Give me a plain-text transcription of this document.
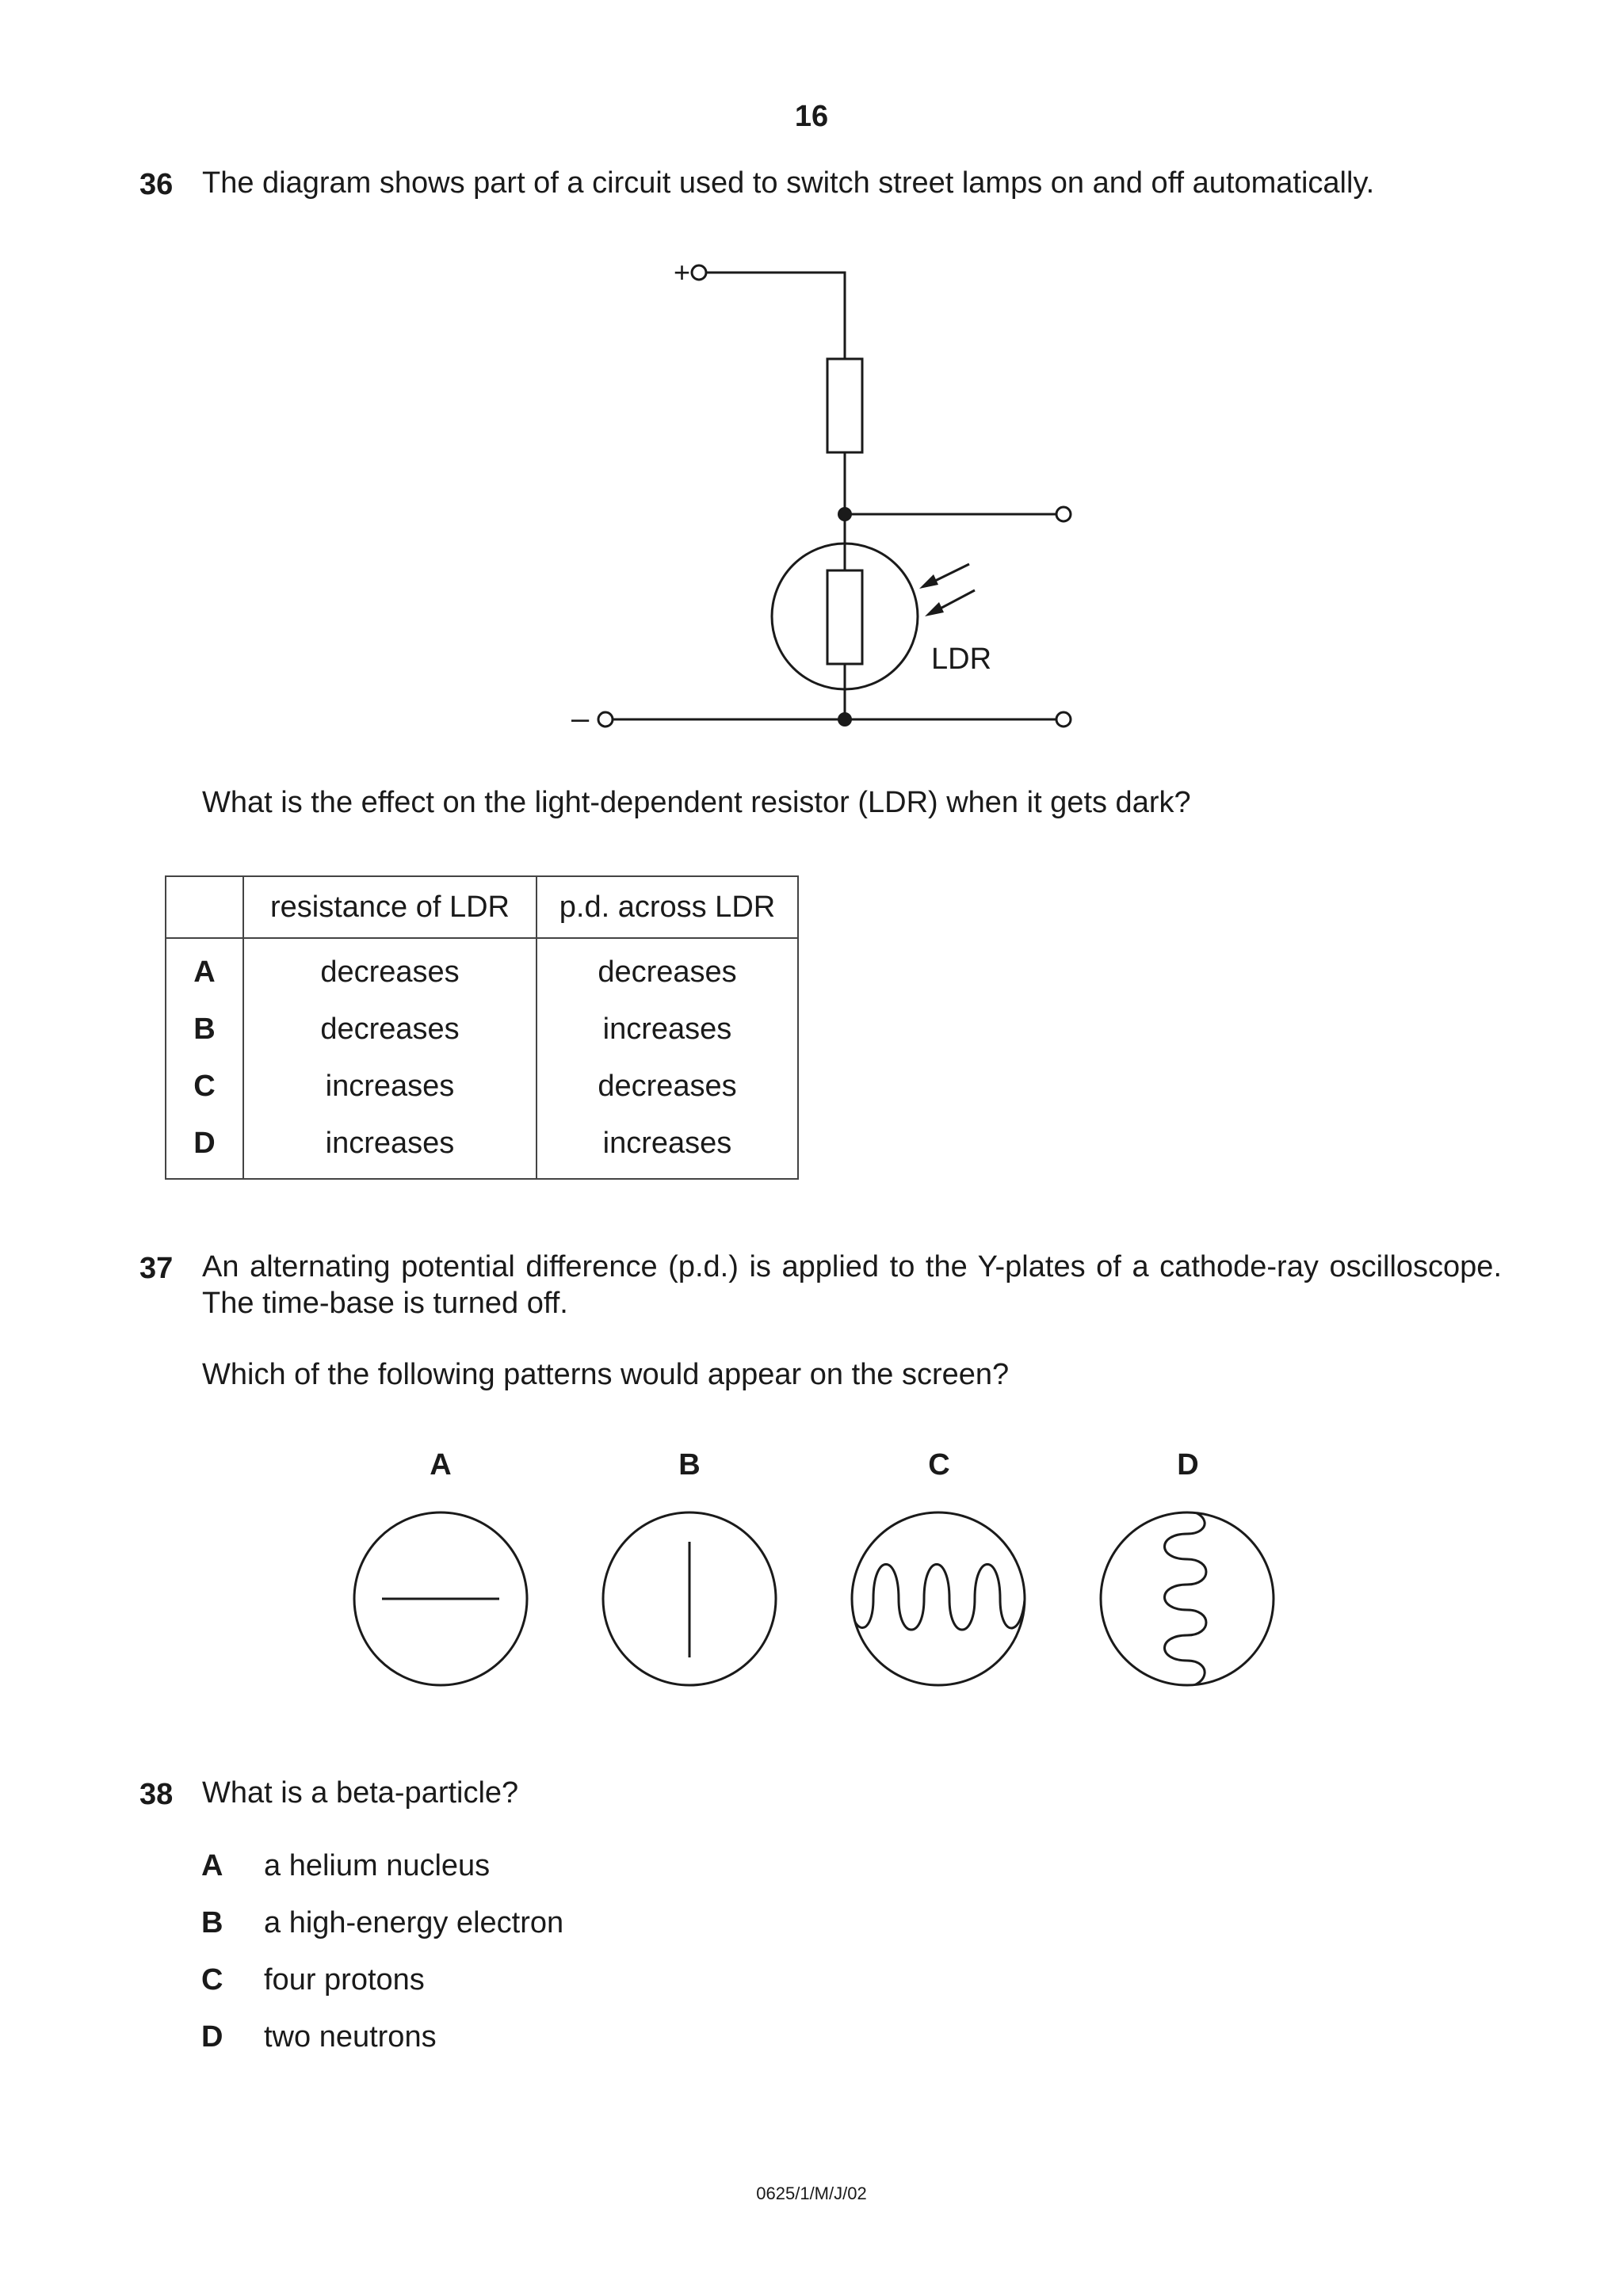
16
36 The diagram shows part of a circuit used to switch street lamps on and off automatically.
+
–
LDR
What is the effect on the light-dependent resistor (LDR) when it gets dark?
	resistance of LDR	p.d. across LDR
A	decreases	decreases
B	decreases	increases
C	increases	decreases
D	increases	increases
37 An alternating potential difference (p.d.) is applied to the Y-plates of a cathode-ray oscilloscope.
The time-base is turned off.
Which of the following patterns would appear on the screen?
A	B	C	D
38 What is a beta-particle?
A a helium nucleus
B a high-energy electron
C four protons
D two neutrons
0625/1/M/J/02
